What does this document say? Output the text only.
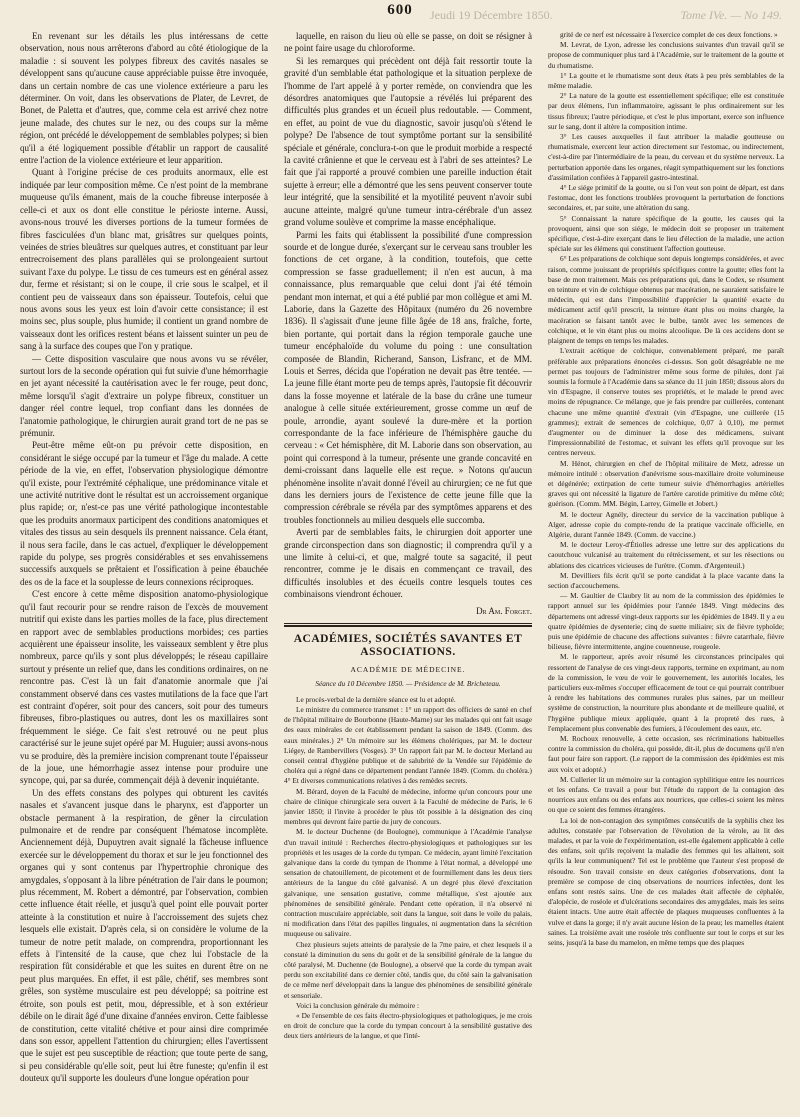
Jeudi 19 Décembre 1850.
600	Tome IVe. — No 149.

En revenant sur les détails les plus intéressans de cette observation, nous nous arrêterons d'abord au côté étiologique de la maladie : si souvent les polypes fibreux des cavités nasales se développent sans qu'aucune cause appréciable puisse être invoquée, dans un certain nombre de cas une violence extérieure a paru les déterminer. On voit, dans les observations de Plater, de Levret, de Bonet, de Paletta et d'autres, que, comme cela est arrivé chez notre jeune malade, des chutes sur le nez, ou des coups sur la même région, ont précédé le développement de semblables polypes; si bien qu'il a été logiquement possible d'établir un rapport de causalité entre l'action de la violence extérieure et leur apparition.

Quant à l'origine précise de ces produits anormaux, elle est indiquée par leur composition même. Ce n'est point de la membrane muqueuse qu'ils émanent, mais de la couche fibreuse interposée à celle-ci et aux os dont elle constitue le périoste interne. Aussi, avons-nous trouvé les diverses portions de la tumeur formées de fibres fasciculées d'un blanc mat, grisâtres sur quelques points, veinées de stries bleuâtres sur quelques autres, et constituant par leur entrecroisement des plans parallèles qui se prolongeaient surtout suivant l'axe du polype. Le tissu de ces tumeurs est en général assez dur, ferme et résistant; si on le coupe, il crie sous le scalpel, et il contient peu de vaisseaux dans son épaisseur. Toutefois, celui que nous avons sous les yeux est loin d'avoir cette consistance; il est moins sec, plus souple, plus humide; il contient un grand nombre de vaisseaux dont les orifices restent béans et laissent suinter un peu de sang à la surface des coupes que l'on y pratique.

— Cette disposition vasculaire que nous avons vu se révéler, surtout lors de la seconde opération qui fut suivie d'une hémorrhagie en jet ayant nécessité la cautérisation avec le fer rouge, peut donc, même lorsqu'il s'agit d'extraire un polype fibreux, constituer un danger réel contre lequel, trop confiant dans les données de l'anatomie pathologique, le chirurgien aurait grand tort de ne pas se prémunir.

Peut-être même eût-on pu prévoir cette disposition, en considérant le siége occupé par la tumeur et l'âge du malade. A cette période de la vie, en effet, l'observation physiologique démontre qu'il existe, pour l'extrémité céphalique, une prédominance vitale et une activité nutritive dont le résultat est un accroissement organique plus rapide; or, n'est-ce pas une vérité pathologique incontestable que les produits anormaux participent des conditions anatomiques et vitales des tissus au sein desquels ils prennent naissance. Cela étant, il nous sera facile, dans le cas actuel, d'expliquer le développement rapide du polype, ses progrès considérables et ses envahissemens successifs auxquels se prêtaient et l'ossification à peine ébauchée des os de la face et la souplesse de leurs connexions réciproques.

C'est encore à cette même disposition anatomo-physiologique qu'il faut recourir pour se rendre raison de l'excès de mouvement nutritif qui existe dans les parties molles de la face, plus directement en rapport avec de semblables productions morbides; ces parties acquièrent une épaisseur insolite, les vaisseaux semblent y être plus nombreux, parce qu'ils y sont plus développés; le réseau capillaire surtout y présente un relief que, dans les conditions ordinaires, on ne rencontre pas. C'est là un fait d'anatomie anormale que j'ai constamment observé dans ces vastes mutilations de la face que l'art est contraint d'opérer, soit pour des cancers, soit pour des tumeurs fibreuses, fibro-plastiques ou autres, dont les os maxillaires sont fréquemment le siége. Ce fait s'est retrouvé ou ne peut plus caractérisé sur le jeune sujet opéré par M. Huguier; aussi avons-nous vu se produire, dès la première incision comprenant toute l'épaisseur de la joue, une hémorrhagie assez intense pour produire une syncope, qui, par sa durée, commençait déjà à devenir inquiétante.

Un des effets constans des polypes qui obturent les cavités nasales et s'avancent jusque dans le pharynx, est d'apporter un obstacle permanent à la respiration, de gêner la circulation pulmonaire et de rendre par conséquent l'hématose incomplète. Anciennement déjà, Dupuytren avait signalé la fâcheuse influence exercée sur le développement du thorax et sur le jeu fonctionnel des organes qui y sont contenus par l'hypertrophie chronique des amygdales, s'opposant à la libre pénétration de l'air dans le poumon; plus récemment, M. Robert a démontré, par l'observation, combien cette influence était réelle, et jusqu'à quel point elle pouvait porter atteinte à la constitution et nuire à l'accroissement des sujets chez lesquels elle existait. D'après cela, si on considère le volume de la tumeur de notre petit malade, on comprendra, proportionnant les effets à l'intensité de la cause, que chez lui l'obstacle de la respiration fût considérable et que les suites en durent être on ne peut plus marquées. En effet, il est pâle, chétif, ses membres sont grêles, son système musculaire est peu développé; sa poitrine est étroite, son pouls est petit, mou, dépressible, et à son extérieur débile on le dirait âgé d'une dixaine d'années environ. Cette faiblesse de constitution, cette vitalité chétive et pour ainsi dire comprimée dans son essor, appellent l'attention du chirurgien; elles l'avertissent que le sujet est peu susceptible de réaction; que toute perte de sang, si peu considérable qu'elle soit, peut lui être funeste; qu'enfin il est douteux qu'il supporte les douleurs d'une longue opération pour

laquelle, en raison du lieu où elle se passe, on doit se résigner à ne point faire usage du chloroforme.

Si les remarques qui précèdent ont déjà fait ressortir toute la gravité d'un semblable état pathologique et la situation perplexe de l'homme de l'art appelé à y porter remède, on conviendra que les désordres anatomiques que l'autopsie a révélés lui préparent des difficultés plus grandes et un écueil plus redoutable. — Comment, en effet, au point de vue du diagnostic, savoir jusqu'où s'étend le polype? De l'absence de tout symptôme portant sur la sensibilité spéciale et générale, conclura-t-on que le produit morbide a respecté la cavité crânienne et que le cerveau est à l'abri de ses atteintes? Le fait que j'ai rapporté a prouvé combien une pareille induction était sujette à erreur; elle a démontré que les sens peuvent conserver toute leur intégrité, que la sensibilité et la myotilité peuvent n'avoir subi aucune atteinte, malgré qu'une tumeur intra-cérébrale d'un assez grand volume soulève et comprime la masse encéphalique.

Parmi les faits qui établissent la possibilité d'une compression sourde et de longue durée, s'exerçant sur le cerveau sans troubler les fonctions de cet organe, à la condition, toutefois, que cette compression se fasse graduellement; il n'en est aucun, à ma connaissance, plus remarquable que celui dont j'ai été témoin pendant mon internat, et qui a été publié par mon collègue et ami M. Laborie, dans la Gazette des Hôpitaux (numéro du 26 novembre 1836). Il s'agissait d'une jeune fille âgée de 18 ans, fraîche, forte, bien portante, qui portait dans la région temporale gauche une tumeur encéphaloïde du volume du poing : une consultation composée de Blandin, Richerand, Sanson, Lisfranc, et de MM. Louis et Serres, décida que l'opération ne devait pas être tentée. — La jeune fille étant morte peu de temps après, l'autopsie fit découvrir dans la fosse moyenne et latérale de la base du crâne une tumeur analogue à celle située extérieurement, grosse comme un œuf de poule, arrondie, ayant soulevé la dure-mère et la portion correspondante de la face inférieure de l'hémisphère gauche du cerveau : « Cet hémisphère, dit M. Laborie dans son observation, au point qui correspond à la tumeur, présente une grande concavité en demi-croissant dans laquelle elle est reçue. » Notons qu'aucun phénomène insolite n'avait donné l'éveil au chirurgien; ce ne fut que dans les derniers jours de l'existence de cette jeune fille que la compression cérébrale se révéla par des symptômes apparens et des troubles fonctionnels au milieu desquels elle succomba.

Averti par de semblables faits, le chirurgien doit apporter une grande circonspection dans son diagnostic; il comprendra qu'il y a une limite à celui-ci, et que, malgré toute sa sagacité, il peut rencontrer, comme je le disais en commençant ce travail, des difficultés insolubles et des écueils contre lesquels toutes ces combinaisons viendront échouer.

Dr Am. Forget.
ACADÉMIES, SOCIÉTÉS SAVANTES ET ASSOCIATIONS.
ACADÉMIE DE MÉDECINE.
Séance du 10 Décembre 1850. — Présidence de M. Bricheteau.

Le procès-verbal de la dernière séance est lu et adopté.

Le ministre du commerce transmet : 1° un rapport des officiers de santé en chef de l'hôpital militaire de Bourbonne (Haute-Marne) sur les malades qui ont fait usage des eaux minérales de cet établissement pendant la saison de 1849. (Comm. des eaux minérales.) 2° Un mémoire sur les élémens cholériques, par M. le docteur Liégey, de Rambervillers (Vosges). 3° Un rapport fait par M. le docteur Merland au conseil central d'hygiène publique et de salubrité de la Vendée sur l'épidémie de choléra qui a régné dans ce département pendant l'année 1849. (Comm. du choléra.) 4° Et diverses communications relatives à des remèdes secrets.

M. Bérard, doyen de la Faculté de médecine, informe qu'un concours pour une chaire de clinique chirurgicale sera ouvert à la Faculté de médecine de Paris, le 6 janvier 1850; il l'invite à procéder le plus tôt possible à la désignation des cinq membres qui devront faire partie du jury de concours.

M. le docteur Duchenne (de Boulogne), communique à l'Académie l'analyse d'un travail intitulé : Recherches électro-physiologiques et pathologiques sur les propriétés et les usages de la corde du tympan. Ce médecin, ayant limité l'excitation galvanique dans la corde du tympan de l'homme à l'état normal, a développé une sensation de chatouillement, de picotement et de fourmillement dans les deux tiers antérieurs de la langue du côté galvanisé. A un degré plus élevé d'excitation galvanique, une sensation gustative, comme métallique, s'est ajoutée aux phénomènes de sensibilité générale. Pendant cette opération, il n'a observé ni contraction musculaire appréciable, soit dans la langue, soit dans le voile du palais, ni modification dans l'état des papilles linguales, ni augmentation dans la sécrétion muqueuse ou salivaire.

Chez plusieurs sujets atteints de paralysie de la 7me paire, et chez lesquels il a constaté la diminution du sens du goût et de la sensibilité générale de la langue du côté paralysé, M. Duchenne (de Boulogne), a observé que la corde du tympan avait perdu son excitabilité dans ce dernier côté, tandis que, du côté sain la galvanisation de ce même nerf développait dans la langue des phénomènes de sensibilité générale et sensoriale.

Voici la conclusion générale du mémoire :

« De l'ensemble de ces faits électro-physiologiques et pathologiques, je me crois en droit de conclure que la corde du tympan concourt à la sensibilité gustative des deux tiers antérieurs de la langue, et que l'inté-

grité de ce nerf est nécessaire à l'exercice complet de ces deux fonctions. »

M. Levrat, de Lyon, adresse les conclusions suivantes d'un travail qu'il se propose de communiquer plus tard à l'Académie, sur le traitement de la goutte et du rhumatisme.

1° La goutte et le rhumatisme sont deux états à peu près semblables de la même maladie.

2° La nature de la goutte est essentiellement spécifique; elle est constituée par deux élémens, l'un inflammatoire, agissant le plus ordinairement sur les tissus fibreux; l'autre périodique, et c'est le plus important, exerce son influence sur le sang, dont il altère la composition intime.

3° Les causes auxquelles il faut attribuer la maladie goutteuse ou rhumatismale, exercent leur action directement sur l'estomac, ou indirectement, c'est-à-dire par l'intermédiaire de la peau, du cerveau et du système nerveux. La perturbation apportée dans les organes, réagit sympathiquement sur les fonctions d'assimilation confiées à l'appareil gastro-intestinal.

4° Le siége primitif de la goutte, ou si l'on veut son point de départ, est dans l'estomac, dont les fonctions troublées provoquent la perturbation de fonctions secondaires, et, par suite, une altération du sang.

5° Connaissant la nature spécifique de la goutte, les causes qui la provoquent, ainsi que son siége, le médecin doit se proposer un traitement spécifique, c'est-à-dire exerçant dans le lieu d'élection de la maladie, une action spéciale sur les élémens qui constituent l'affection goutteuse.

6° Les préparations de colchique sont depuis longtemps considérées, et avec raison, comme jouissant de propriétés spécifiques contre la goutte; elles font la base de mon traitement. Mais ces préparations qui, dans le Codex, se résument en teinture et vin de colchique obtenus par macération, ne sauraient satisfaire le médecin, qui est dans l'impossibilité d'apprécier la quantité exacte du médicament actif qu'il prescrit, la teinture étant plus ou moins chargée, la macération se faisant tantôt avec le bulbe, tantôt avec les semences de colchique, et le vin étant plus ou moins alcoolique. De là ces accidens dont se plaignent de temps en temps les malades.

L'extrait acétique de colchique, convenablement préparé, me paraît préférable aux préparations énoncées ci-dessus. Son goût désagréable ne me permet pas toujours de l'administrer même sous forme de pilules, dont j'ai soumis la formule à l'Académie dans sa séance du 11 juin 1850; dissous alors du vin d'Espagne, il conserve toutes ses propriétés, et le malade le prend avec moins de répugnance. Ce mélange, que je fais prendre par cuillerées, contenant chacune une même quantité d'extrait (vin d'Espagne, une cuillerée (15 grammes); extrait de semences de colchique, 0,07 à 0,10), me permet d'augmenter ou de diminuer la dose des médicamens, suivant l'impressionnabilité de l'estomac, et suivant les effets qu'il provoque sur les centres nerveux.

M. Hénot, chirurgien en chef de l'hôpital militaire de Metz, adresse un mémoire intitulé : observation d'anévrisme sous-maxillaire droite volumineuse et dégénérée; extirpation de cette tumeur suivie d'hémorrhagies artérielles graves qui ont nécessité la ligature de l'artère carotide primitive du même côté; guérison. (Comm. MM. Bégin, Larrey, Gimelle et Jobert.)

M. le docteur Agnély, directeur du service de la vaccination publique à Alger, adresse copie du compte-rendu de la pratique vaccinale officielle, en Algérie, durant l'année 1849. (Comm. de vaccine.)

M. le docteur Leroy-d'Étiolles adresse une lettre sur des applications du caoutchouc vulcanisé au traitement du rétrécissement, et sur les résections ou ablations des cicatrices vicieuses de l'urètre. (Comm. d'Argenteuil.)

M. Devilliers fils écrit qu'il se porte candidat à la place vacante dans la section d'accouchemens.

— M. Gaultier de Claubry lit au nom de la commission des épidémies le rapport annuel sur les épidémies pour l'année 1849. Vingt médecins des départemens ont adressé vingt-deux rapports sur les épidémies de 1849. Il y a eu quatre épidémies de dysenterie; cinq de suette miliaire; six de fièvre typhoïde; puis une épidémie de chacune des affections suivantes : fièvre catarrhale, fièvre bilieuse, fièvre intermittente, angine couenneuse, rougeole.

M. le rapporteur, après avoir résumé les circonstances principales qui ressortent de l'analyse de ces vingt-deux rapports, termine en exprimant, au nom de la commission, le vœu de voir le gouvernement, les autorités locales, les particuliers eux-mêmes s'occuper efficacement de tout ce qui pourrait contribuer à rendre les habitations des communes rurales plus saines, par un meilleur système de construction, la nourriture plus abondante et de meilleure qualité, et l'hygiène publique mieux appliquée, quant à la propreté des rues, à l'emplacement plus convenable des fumiers, à l'écoulement des eaux, etc.

M. Rochoux renouvelle, à cette occasion, ses récriminations habituelles contre la commission du choléra, qui possède, dit-il, plus de documens qu'il n'en faut pour faire son rapport. (Le rapport de la commission des épidémies est mis aux voix et adopté.)

M. Cullerier lit un mémoire sur la contagion syphilitique entre les nourrices et les enfans. Ce travail a pour but l'étude du rapport de la contagion des nourrices aux enfans ou des enfans aux nourrices, que celles-ci soient les mères ou que ce soient des femmes étrangères.

La loi de non-contagion des symptômes consécutifs de la syphilis chez les adultes, constatée par l'observation de l'évolution de la vérole, au lit des malades, et par la voie de l'expérimentation, est-elle également applicable à celle des enfans, soit qu'ils reçoivent la maladie des femmes qui les allaitent, soit qu'ils la leur communiquent? Tel est le problème que l'auteur s'est proposé de résoudre. Son travail consiste en deux catégories d'observations, dont la première se compose de cinq observations de nourrices infectées, dont les enfans sont restés sains. Une de ces malades était affectée de céphalée, d'alopécie, de roséole et d'ulcérations secondaires des amygdales, mais les seins étaient intacts. Une autre était affectée de plaques muqueuses confluentes à la vulve et dans la gorge; il n'y avait aucune lésion de la peau; les mamelles étaient saines. La troisième avait une roséole très confluente sur tout le corps et sur les seins, jusqu'à la base du mamelon, en même temps que des plaques
